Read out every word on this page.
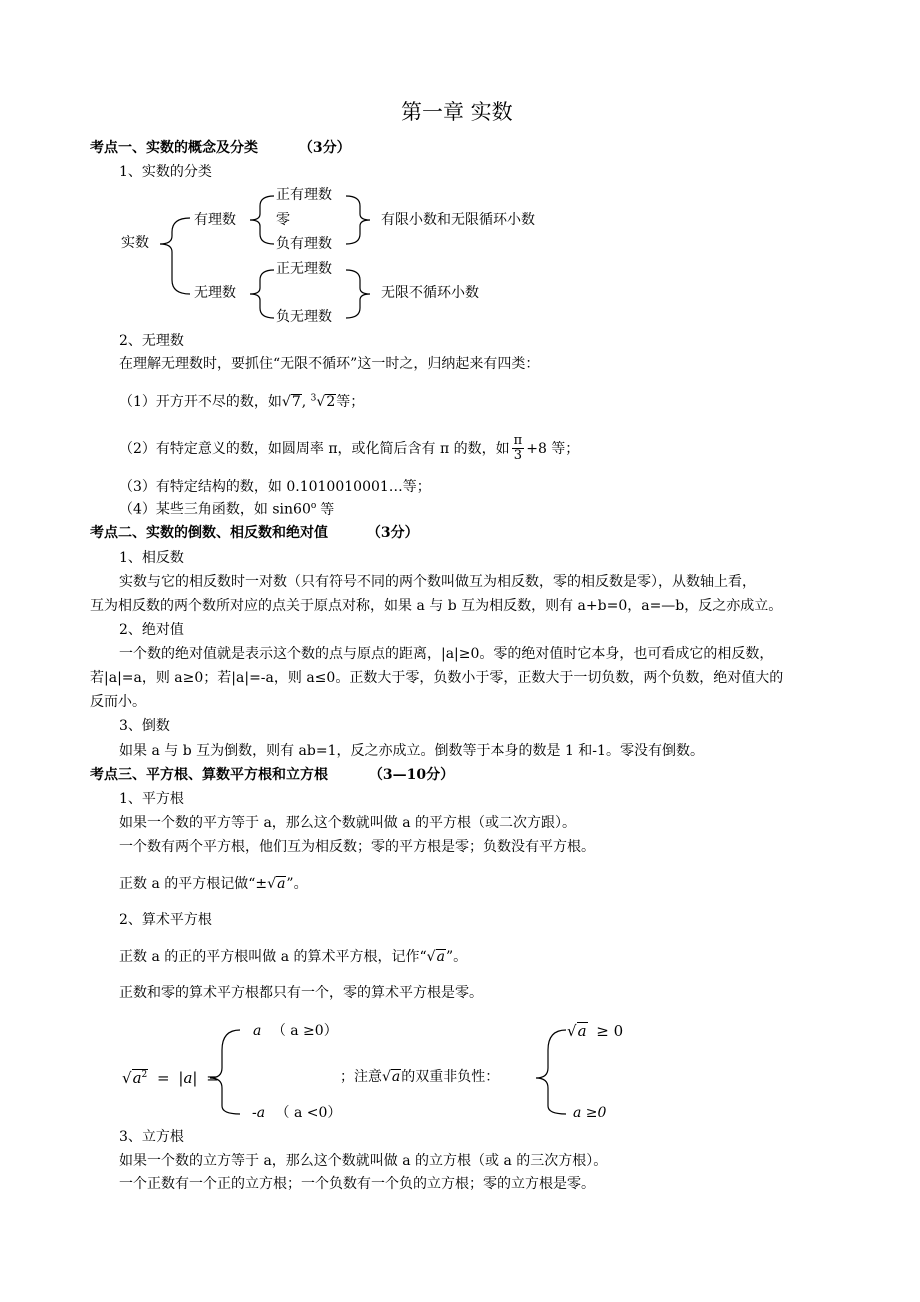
第一章 实数
考点一、实数的概念及分类	（3分）
1、实数的分类
实数
有理数
正有理数
零
负有理数
有限小数和无限循环小数
无理数
正无理数
负无理数
无限不循环小数
2、无理数
在理解无理数时，要抓住“无限不循环”这一时之，归纳起来有四类：
（1）开方开不尽的数，如√7, $^3$√2等；
（2）有特定意义的数，如圆周率 π，或化简后含有 π 的数，如 $\frac{\pi}{3} +8$ 等；
（3）有特定结构的数，如 0.1010010001…等；
（4）某些三角函数，如 sin60$^o$ 等
考点二、实数的倒数、相反数和绝对值	（3分）
1、相反数
实数与它的相反数时一对数（只有符号不同的两个数叫做互为相反数，零的相反数是零），从数轴上看，
互为相反数的两个数所对应的点关于原点对称，如果 a 与 b 互为相反数，则有 a+b=0，a=—b，反之亦成立。
2、绝对值
一个数的绝对值就是表示这个数的点与原点的距离，|a|≥0。零的绝对值时它本身，也可看成它的相反数，
若|a|=a，则 a≥0；若|a|=-a，则 a≤0。正数大于零，负数小于零，正数大于一切负数，两个负数，绝对值大的
反而小。
3、倒数
如果 a 与 b 互为倒数，则有 ab=1，反之亦成立。倒数等于本身的数是 1 和-1。零没有倒数。
考点三、平方根、算数平方根和立方根	（3—10分）
1、平方根
如果一个数的平方等于 a，那么这个数就叫做 a 的平方根（或二次方跟）。
一个数有两个平方根，他们互为相反数；零的平方根是零；负数没有平方根。
正数 a 的平方根记做“±√a”。
2、算术平方根
正数 a 的正的平方根叫做 a 的算术平方根，记作“√a”。
正数和零的算术平方根都只有一个，零的算术平方根是零。
$√a^2 = |a|$ =
a （ a ≥0）
-a （ a <0）
；注意√a的双重非负性：
√a ≥ 0
a ≥0
3、立方根
如果一个数的立方等于 a，那么这个数就叫做 a 的立方根（或 a 的三次方根）。
一个正数有一个正的立方根；一个负数有一个负的立方根；零的立方根是零。
